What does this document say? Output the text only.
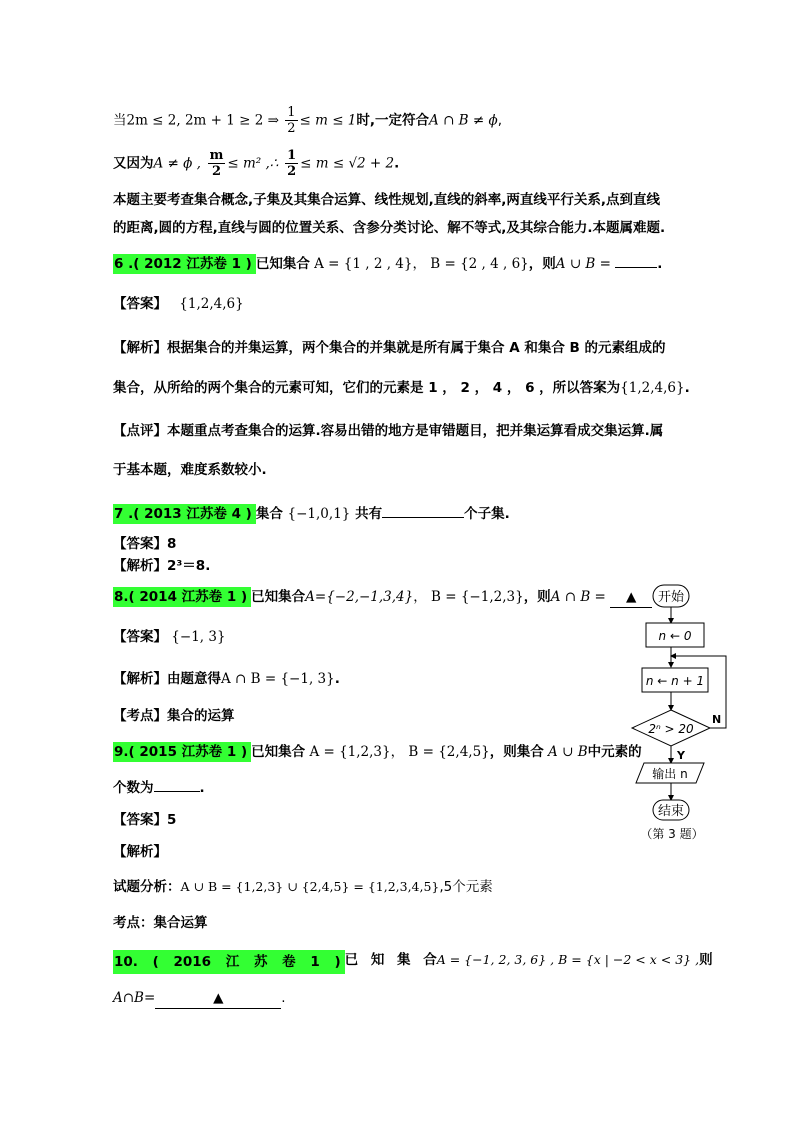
当2m ≤ 2, 2m + 1 ≥ 2 ⇒ $\frac{1}{2} \le m \le 1$时,一定符合A ∩ B ≠ ϕ,
又因为A ≠ ϕ , $\frac{m}{2} \le m^2$ ,∴ $\frac{1}{2} \le m \le √2 + 2$.
本题主要考查集合概念,子集及其集合运算、线性规划,直线的斜率,两直线平行关系,点到直线
的距离,圆的方程,直线与圆的位置关系、含参分类讨论、解不等式,及其综合能力.本题属难题.
6 .( 2012 江苏卷 1 ) 已知集合 A = {1 , 2 , 4}， B = {2 , 4 , 6}，则A ∪ B =	.
【答案】 {1,2,4,6}
【解析】根据集合的并集运算，两个集合的并集就是所有属于集合 A 和集合 B 的元素组成的
集合，从所给的两个集合的元素可知，它们的元素是 1 ， 2 ， 4 ， 6 ，所以答案为{1,2,4,6}.
【点评】本题重点考查集合的运算.容易出错的地方是审错题目，把并集运算看成交集运算.属
于基本题，难度系数较小.
7 .( 2013 江苏卷 4 ) 集合 {−1,0,1} 共有	个子集.
【答案】8
【解析】2³＝8.
8.( 2014 江苏卷 1 ) 已知集合A={−2,−1,3,4}， B = {−1,2,3}，则A ∩ B = ▲
【答案】 {−1, 3}
【解析】由题意得A ∩ B = {−1, 3}.
【考点】集合的运算
9.( 2015 江苏卷 1 ) 已知集合 A = {1,2,3}， B = {2,4,5}，则集合 A ∪ B中元素的
个数为	.
【答案】5
【解析】
试题分析：A ∪ B = {1,2,3} ∪ {2,4,5} = {1,2,3,4,5},5个元素
考点：集合运算
10. ( 2016 江 苏 卷 1 ) 已 知 集 合 A = {−1, 2, 3, 6} , B = {x | −2 < x < 3} ,则
A∩B=	▲	.
开始
n ← 0
n ← n + 1
2ⁿ > 20
N
Y
输出 n
结束
（第 3 题）
